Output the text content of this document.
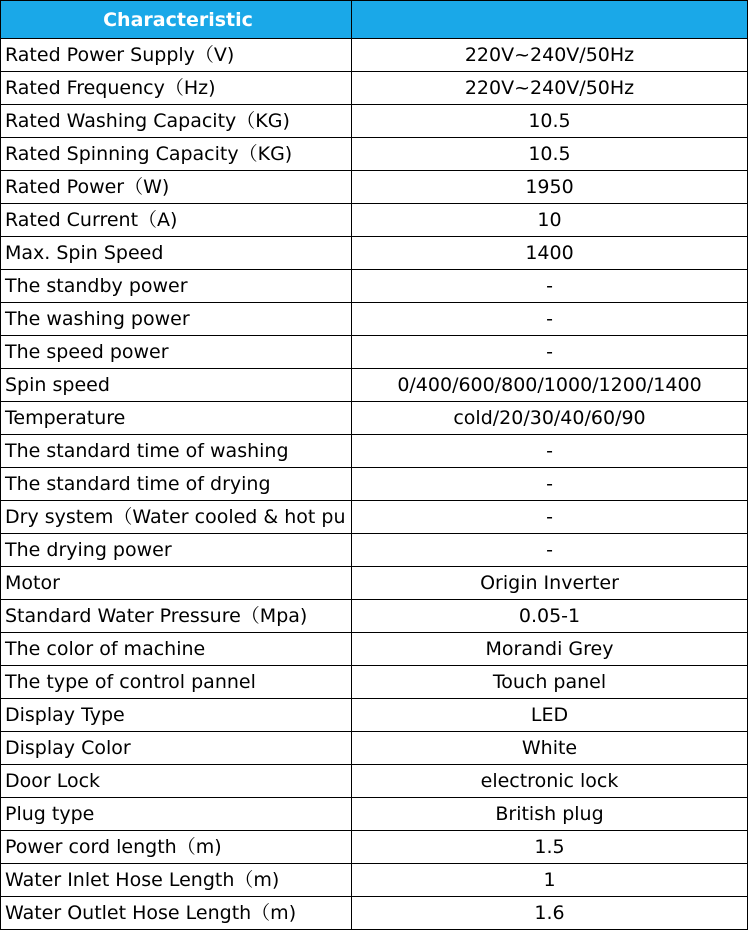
Characteristic	
Rated Power Supply（V)	220V~240V/50Hz
Rated Frequency（Hz)	220V~240V/50Hz
Rated Washing Capacity（KG)	10.5
Rated Spinning Capacity（KG)	10.5
Rated Power（W)	1950
Rated Current（A)	10
Max. Spin Speed	1400
The standby power	-
The washing power	-
The speed power	-
Spin speed	0/400/600/800/1000/1200/1400
Temperature	cold/20/30/40/60/90
The standard time of washing	-
The standard time of drying	-
Dry system（Water cooled & hot pu	-
The drying power	-
Motor	Origin Inverter
Standard Water Pressure（Mpa)	0.05-1
The color of machine	Morandi Grey
The type of control pannel	Touch panel
Display Type	LED
Display Color	White
Door Lock	electronic lock
Plug type	British plug
Power cord length（m)	1.5
Water Inlet Hose Length（m)	1
Water Outlet Hose Length（m)	1.6
